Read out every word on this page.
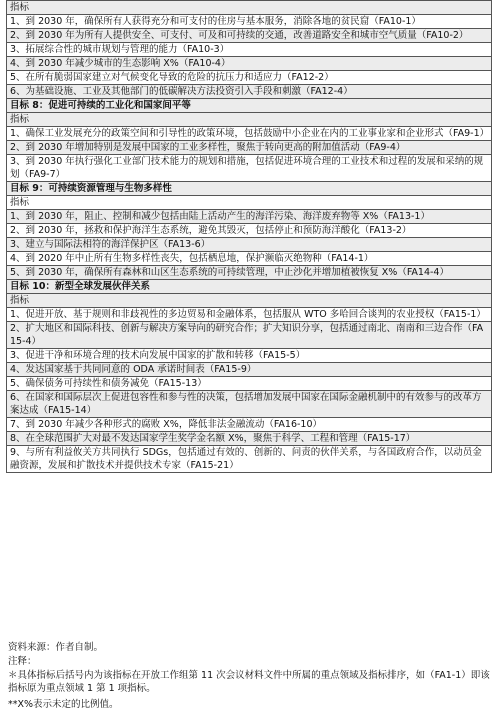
指标
1、到 2030 年，确保所有人获得充分和可支付的住房与基本服务，消除各地的贫民窟（FA10-1）
2、到 2030 年为所有人提供安全、可支付、可及和可持续的交通，改善道路安全和城市空气质量（FA10-2）
3、拓展综合性的城市规划与管理的能力（FA10-3）
4、到 2030 年减少城市的生态影响 X%（FA10-4）
5、在所有脆弱国家建立对气候变化导致的危险的抗压力和适应力（FA12-2）
6、为基础设施、工业及其他部门的低碳解决方法投资引入手段和刺激（FA12-4）
目标 8：促进可持续的工业化和国家间平等
指标
1、确保工业发展充分的政策空间和引导性的政策环境，包括鼓励中小企业在内的工业事业家和企业形式（FA9-1）
2、到 2030 年增加特别是发展中国家的工业多样性，聚焦于转向更高的附加值活动（FA9-4）
3、到 2030 年执行强化工业部门技术能力的规划和措施，包括促进环境合理的工业技术和过程的发展和采纳的规划（FA9-7）
目标 9：可持续资源管理与生物多样性
指标
1、到 2030 年，阻止、控制和减少包括由陆上活动产生的海洋污染、海洋废弃物等 X%（FA13-1）
2、到 2030 年，拯救和保护海洋生态系统，避免其毁灭，包括停止和预防海洋酸化（FA13-2）
3、建立与国际法相符的海洋保护区（FA13-6）
4、到 2020 年中止所有生物多样性丧失，包括栖息地，保护濒临灭绝物种（FA14-1）
5、到 2030 年，确保所有森林和山区生态系统的可持续管理，中止沙化并增加植被恢复 X%（FA14-4）
目标 10：新型全球发展伙伴关系
指标
1、促进开放、基于规则和非歧视性的多边贸易和金融体系，包括服从 WTO 多哈回合谈判的农业授权（FA15-1）
2、扩大地区和国际科技、创新与解决方案导向的研究合作；扩大知识分享，包括通过南北、南南和三边合作（FA15-4）
3、促进干净和环境合理的技术向发展中国家的扩散和转移（FA15-5）
4、发达国家基于共同同意的 ODA 承诺时间表（FA15-9）
5、确保债务可持续性和债务减免（FA15-13）
6、在国家和国际层次上促进包容性和参与性的决策，包括增加发展中国家在国际金融机制中的有效参与的改革方案达成（FA15-14）
7、到 2030 年减少各种形式的腐败 X%，降低非法金融流动（FA16-10）
8、在全球范围扩大对最不发达国家学生奖学金名额 X%，聚焦于科学、工程和管理（FA15-17）
9、与所有利益攸关方共同执行 SDGs，包括通过有效的、创新的、问责的伙伴关系，与各国政府合作，以动员金融资源，发展和扩散技术并提供技术专家（FA15-21）
资料来源：作者自制。
注释：
＊具体指标后括号内为该指标在开放工作组第 11 次会议材料文件中所属的重点领域及指标排序，如（FA1-1）即该指标原为重点领域 1 第 1 项指标。
**X%表示未定的比例值。
